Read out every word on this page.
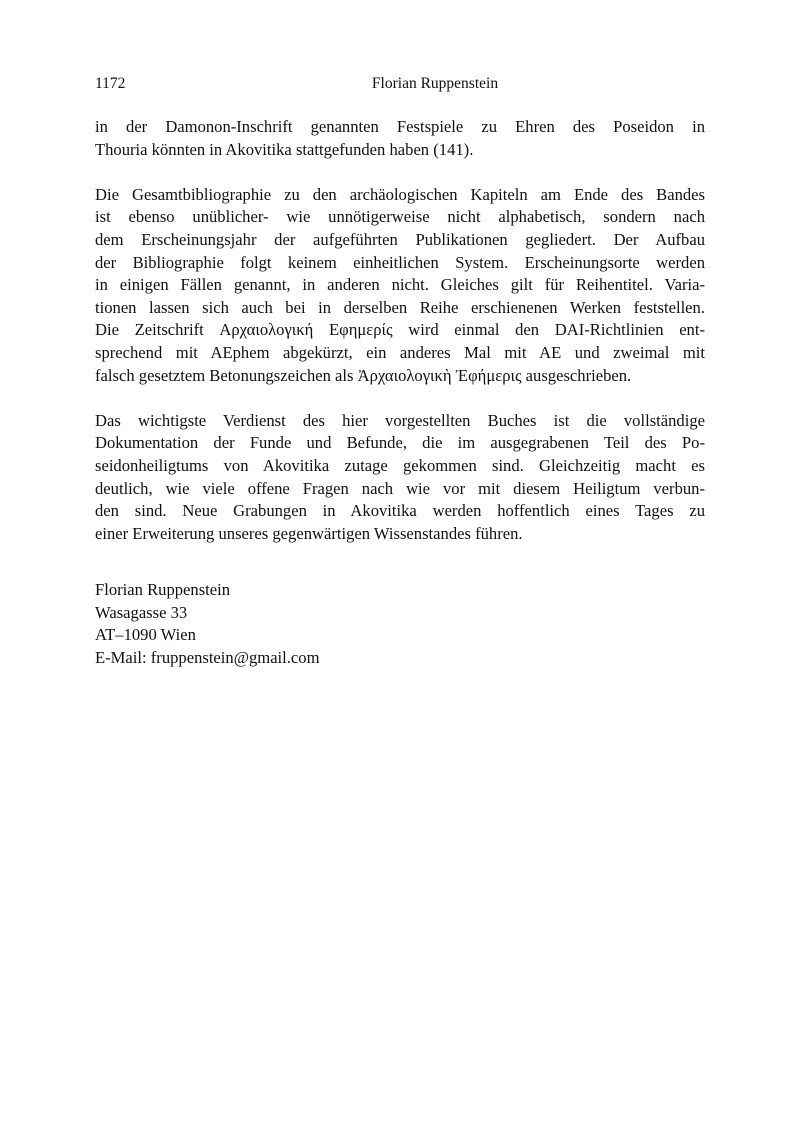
1172	Florian Ruppenstein

in der Damonon-Inschrift genannten Festspiele zu Ehren des Poseidon in
Thouria könnten in Akovitika stattgefunden haben (141).

Die Gesamtbibliographie zu den archäologischen Kapiteln am Ende des Bandes
ist ebenso unüblicher- wie unnötigerweise nicht alphabetisch, sondern nach
dem Erscheinungsjahr der aufgeführten Publikationen gegliedert. Der Aufbau
der Bibliographie folgt keinem einheitlichen System. Erscheinungsorte werden
in einigen Fällen genannt, in anderen nicht. Gleiches gilt für Reihentitel. Varia-
tionen lassen sich auch bei in derselben Reihe erschienenen Werken feststellen.
Die Zeitschrift Αρχαιολογική Εφημερίς wird einmal den DAI-Richtlinien ent-
sprechend mit AEphem abgekürzt, ein anderes Mal mit AE und zweimal mit
falsch gesetztem Betonungszeichen als Ἀρχαιολογικὴ Ἐφήμερις ausgeschrieben.

Das wichtigste Verdienst des hier vorgestellten Buches ist die vollständige
Dokumentation der Funde und Befunde, die im ausgegrabenen Teil des Po-
seidonheiligtums von Akovitika zutage gekommen sind. Gleichzeitig macht es
deutlich, wie viele offene Fragen nach wie vor mit diesem Heiligtum verbun-
den sind. Neue Grabungen in Akovitika werden hoffentlich eines Tages zu
einer Erweiterung unseres gegenwärtigen Wissenstandes führen.

Florian Ruppenstein
Wasagasse 33
AT–1090 Wien
E-Mail: fruppenstein@gmail.com
